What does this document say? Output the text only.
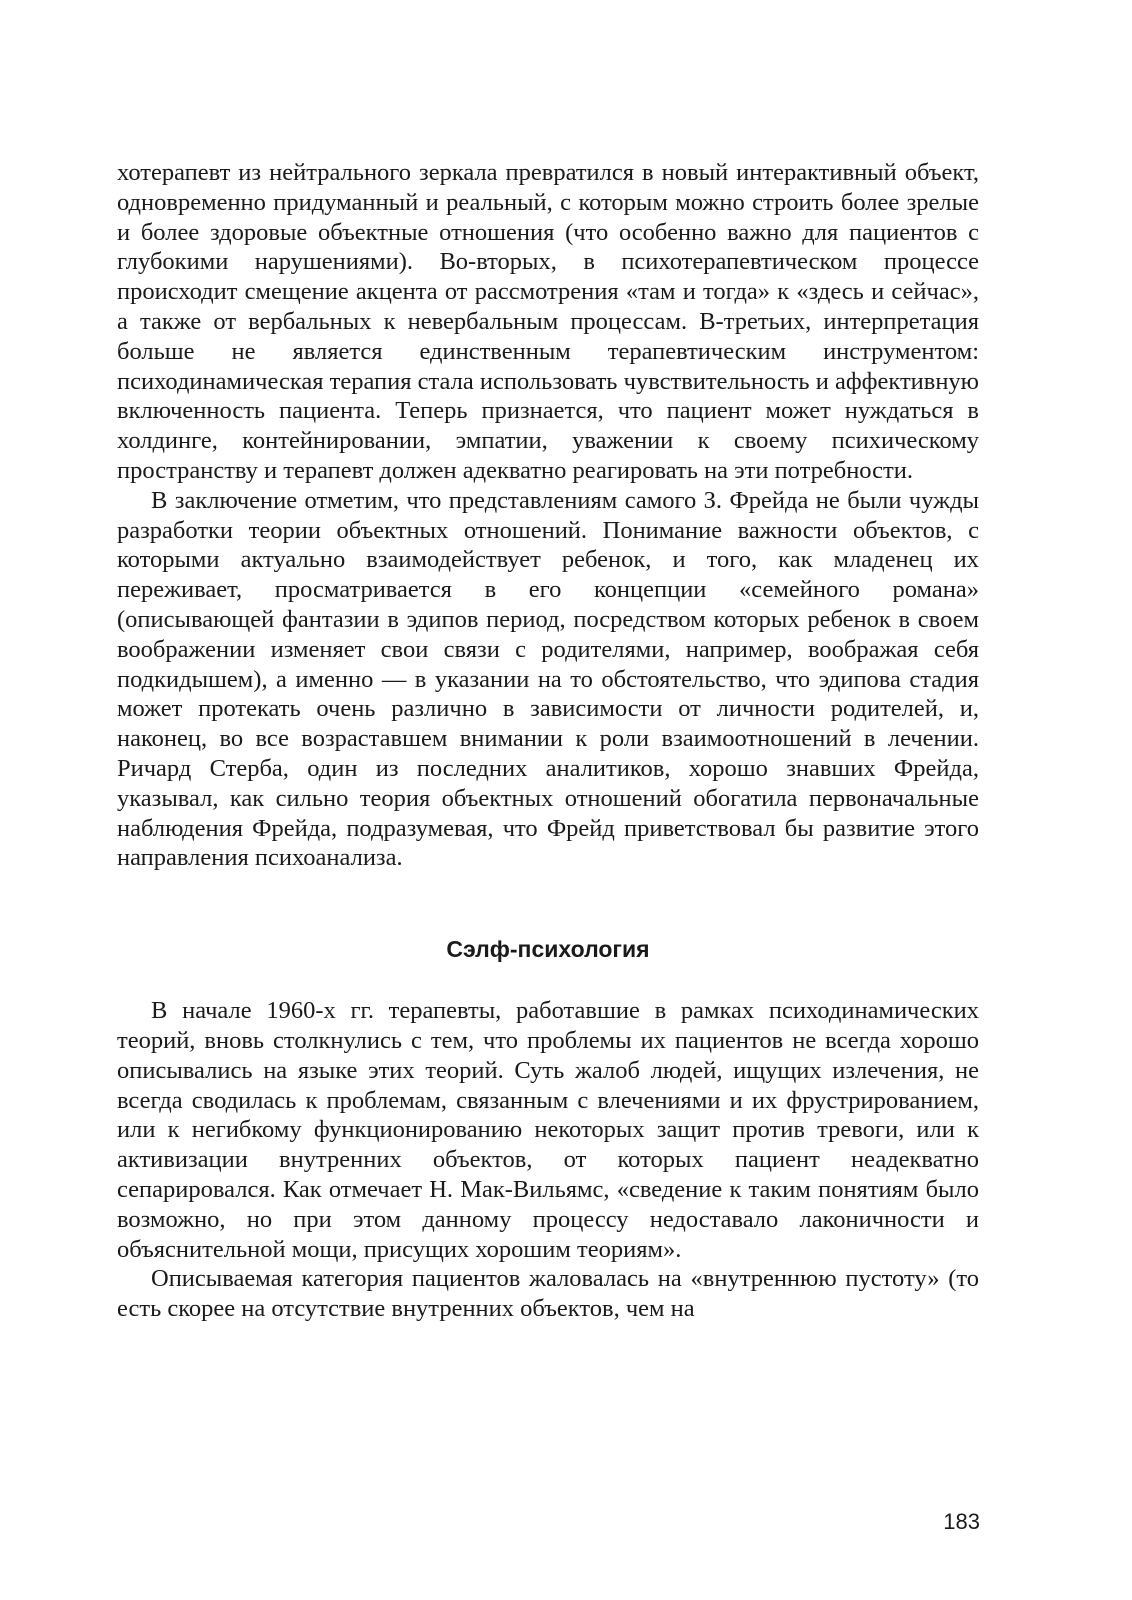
хотерапевт из нейтрального зеркала превратился в новый интерактивный объект, одновременно придуманный и реальный, с которым можно строить более зрелые и более здоровые объектные отношения (что особенно важно для пациентов с глубокими нарушениями). Во-вторых, в психотерапевтическом процессе происходит смещение акцента от рассмотрения «там и тогда» к «здесь и сейчас», а также от вербальных к невербальным процессам. В-третьих, интерпретация больше не является единственным терапевтическим инструментом: психодинамическая терапия стала использовать чувствительность и аффективную включенность пациента. Теперь признается, что пациент может нуждаться в холдинге, контейнировании, эмпатии, уважении к своему психическому пространству и терапевт должен адекватно реагировать на эти потребности.

В заключение отметим, что представлениям самого З. Фрейда не были чужды разработки теории объектных отношений. Понимание важности объектов, с которыми актуально взаимодействует ребенок, и того, как младенец их переживает, просматривается в его концепции «семейного романа» (описывающей фантазии в эдипов период, посредством которых ребенок в своем воображении изменяет свои связи с родителями, например, воображая себя подкидышем), а именно — в указании на то обстоятельство, что эдипова стадия может протекать очень различно в зависимости от личности родителей, и, наконец, во все возраставшем внимании к роли взаимоотношений в лечении. Ричард Стерба, один из последних аналитиков, хорошо знавших Фрейда, указывал, как сильно теория объектных отношений обогатила первоначальные наблюдения Фрейда, подразумевая, что Фрейд приветствовал бы развитие этого направления психоанализа.

Сэлф-психология

В начале 1960-х гг. терапевты, работавшие в рамках психодинамических теорий, вновь столкнулись с тем, что проблемы их пациентов не всегда хорошо описывались на языке этих теорий. Суть жалоб людей, ищущих излечения, не всегда сводилась к проблемам, связанным с влечениями и их фрустрированием, или к негибкому функционированию некоторых защит против тревоги, или к активизации внутренних объектов, от которых пациент неадекватно сепарировался. Как отмечает Н. Мак-Вильямс, «сведение к таким понятиям было возможно, но при этом данному процессу недоставало лаконичности и объяснительной мощи, присущих хорошим теориям».

Описываемая категория пациентов жаловалась на «внутреннюю пустоту» (то есть скорее на отсутствие внутренних объектов, чем на

183
